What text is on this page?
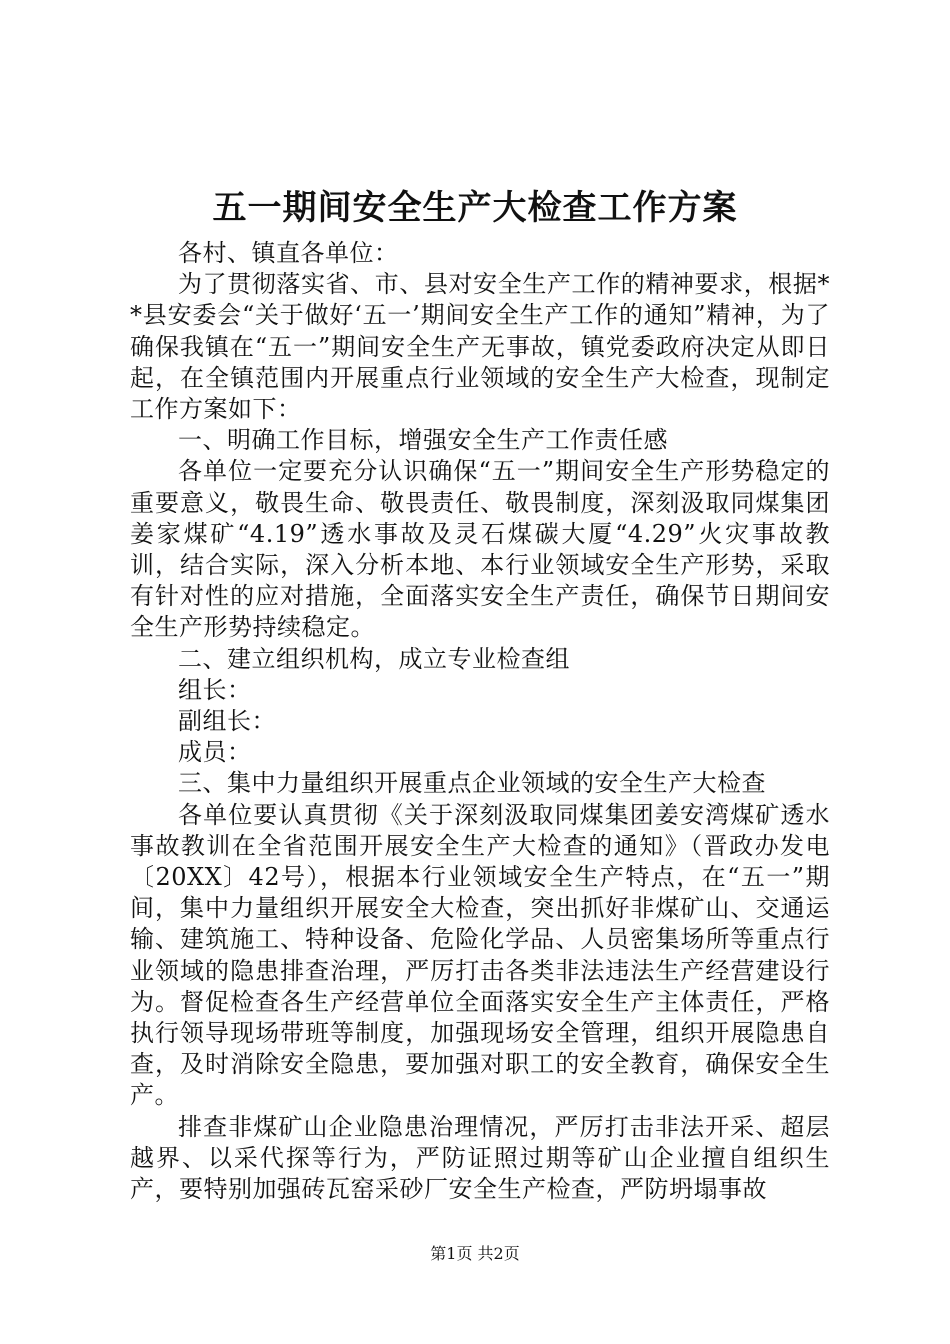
五一期间安全生产大检查工作方案

各村、镇直各单位：

为了贯彻落实省、市、县对安全生产工作的精神要求，根据**县安委会“关于做好‘五一’期间安全生产工作的通知”精神，为了确保我镇在“五一”期间安全生产无事故，镇党委政府决定从即日起，在全镇范围内开展重点行业领域的安全生产大检查，现制定工作方案如下：

一、明确工作目标，增强安全生产工作责任感

各单位一定要充分认识确保“五一”期间安全生产形势稳定的重要意义，敬畏生命、敬畏责任、敬畏制度，深刻汲取同煤集团姜家煤矿“4.19”透水事故及灵石煤碳大厦“4.29”火灾事故教训，结合实际，深入分析本地、本行业领域安全生产形势，采取有针对性的应对措施，全面落实安全生产责任，确保节日期间安全生产形势持续稳定。

二、建立组织机构，成立专业检查组

组长：

副组长：

成员：

三、集中力量组织开展重点企业领域的安全生产大检查

各单位要认真贯彻《关于深刻汲取同煤集团姜安湾煤矿透水事故教训在全省范围开展安全生产大检查的通知》（晋政办发电〔20XX〕42号），根据本行业领域安全生产特点，在“五一”期间，集中力量组织开展安全大检查，突出抓好非煤矿山、交通运输、建筑施工、特种设备、危险化学品、人员密集场所等重点行业领域的隐患排查治理，严厉打击各类非法违法生产经营建设行为。督促检查各生产经营单位全面落实安全生产主体责任，严格执行领导现场带班等制度，加强现场安全管理，组织开展隐患自查，及时消除安全隐患，要加强对职工的安全教育，确保安全生产。

排查非煤矿山企业隐患治理情况，严厉打击非法开采、超层越界、以采代探等行为，严防证照过期等矿山企业擅自组织生产，要特别加强砖瓦窑采砂厂安全生产检查，严防坍塌事故

第1页 共2页
